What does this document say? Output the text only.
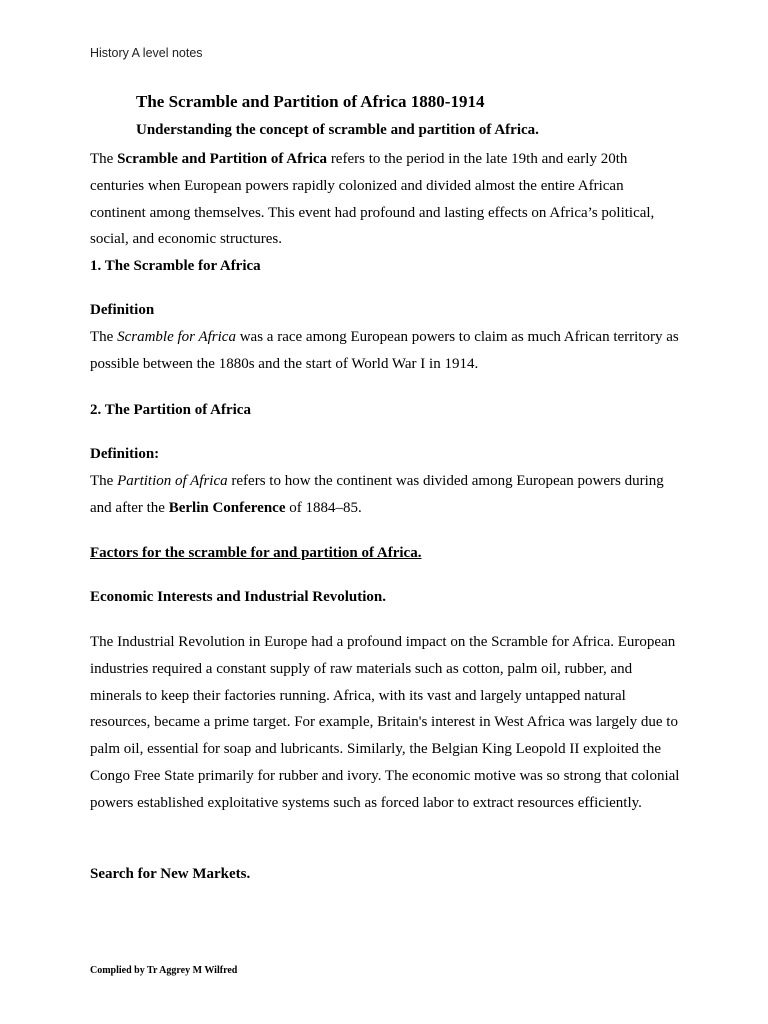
History A level notes
The Scramble and Partition of Africa 1880-1914
Understanding the concept of scramble and partition of Africa.
The Scramble and Partition of Africa refers to the period in the late 19th and early 20th centuries when European powers rapidly colonized and divided almost the entire African continent among themselves. This event had profound and lasting effects on Africa’s political, social, and economic structures.
1. The Scramble for Africa
Definition
The Scramble for Africa was a race among European powers to claim as much African territory as possible between the 1880s and the start of World War I in 1914.
2. The Partition of Africa
Definition:
The Partition of Africa refers to how the continent was divided among European powers during and after the Berlin Conference of 1884–85.
Factors for the scramble for and partition of Africa.
Economic Interests and Industrial Revolution.
The Industrial Revolution in Europe had a profound impact on the Scramble for Africa. European industries required a constant supply of raw materials such as cotton, palm oil, rubber, and minerals to keep their factories running. Africa, with its vast and largely untapped natural resources, became a prime target. For example, Britain's interest in West Africa was largely due to palm oil, essential for soap and lubricants. Similarly, the Belgian King Leopold II exploited the Congo Free State primarily for rubber and ivory. The economic motive was so strong that colonial powers established exploitative systems such as forced labor to extract resources efficiently.
Search for New Markets.
Complied by Tr Aggrey M Wilfred
